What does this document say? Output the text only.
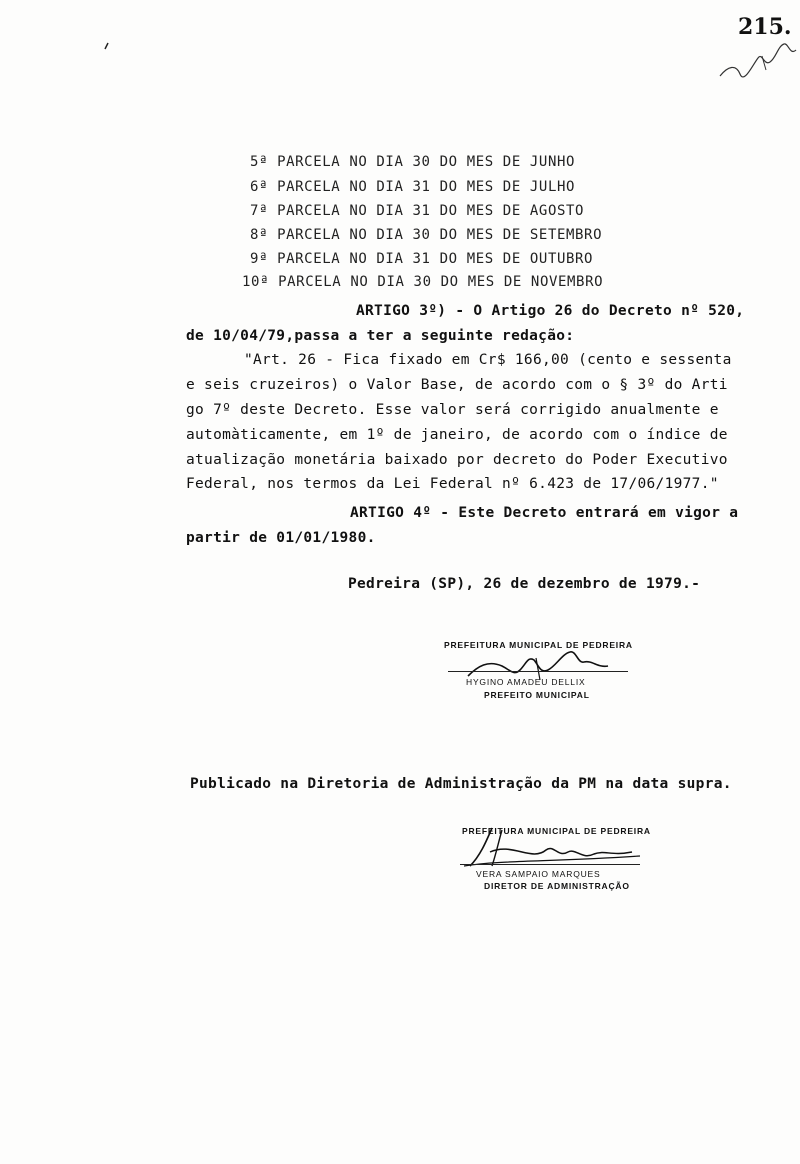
215.
5ª PARCELA NO DIA 30 DO MES DE JUNHO
6ª PARCELA NO DIA 31 DO MES DE JULHO
7ª PARCELA NO DIA 31 DO MES DE AGOSTO
8ª PARCELA NO DIA 30 DO MES DE SETEMBRO
9ª PARCELA NO DIA 31 DO MES DE OUTUBRO
10ª PARCELA NO DIA 30 DO MES DE NOVEMBRO
ARTIGO 3º) - O Artigo 26 do Decreto nº 520,
de 10/04/79,passa a ter a seguinte redação:
"Art. 26 - Fica fixado em Cr$ 166,00 (cento e sessenta
e seis cruzeiros) o Valor Base, de acordo com o § 3º do Arti
go 7º deste Decreto. Esse valor será corrigido anualmente e
automàticamente, em 1º de janeiro, de acordo com o índice de
atualização monetária baixado por decreto do Poder Executivo
Federal, nos termos da Lei Federal nº 6.423 de 17/06/1977."
ARTIGO 4º - Este Decreto entrará em vigor a
partir de 01/01/1980.
Pedreira (SP), 26 de dezembro de 1979.-
PREFEITURA MUNICIPAL DE PEDREIRA
HYGINO AMADEU DELLIX
PREFEITO MUNICIPAL
Publicado na Diretoria de Administração da PM na data supra.
PREFEITURA MUNICIPAL DE PEDREIRA
VERA SAMPAIO MARQUES
DIRETOR DE ADMINISTRAÇÃO
